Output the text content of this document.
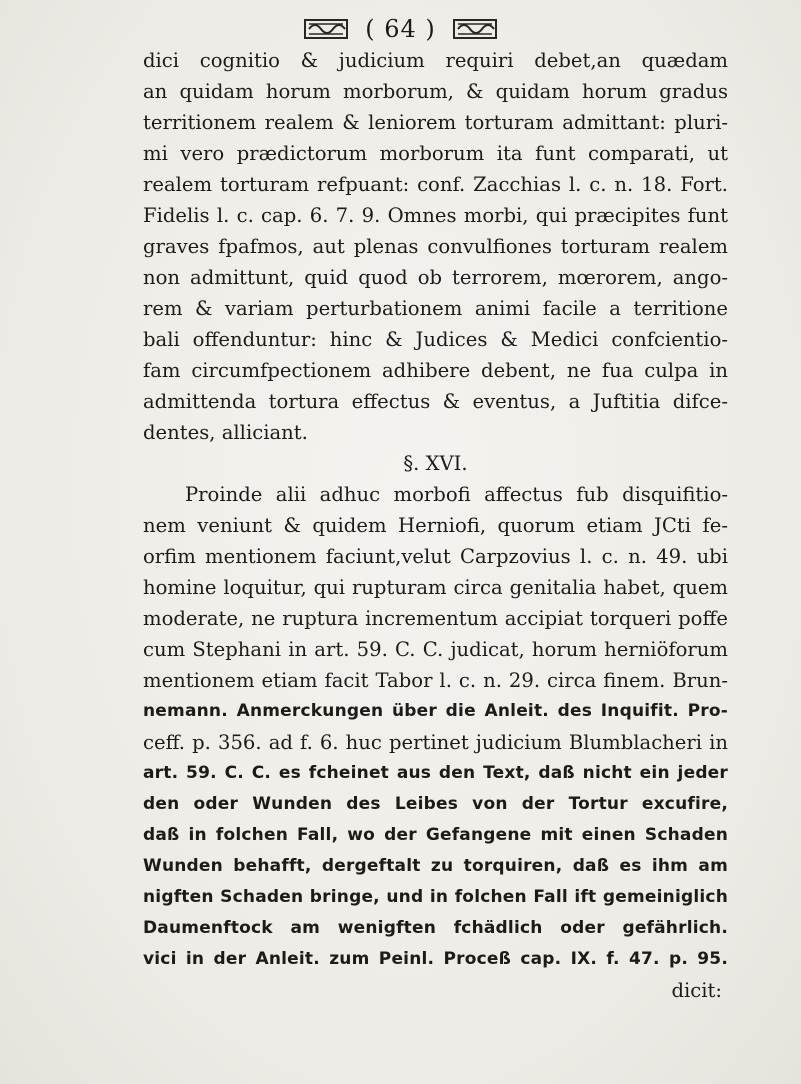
( 64 )
dici cognitio & judicium requiri debet,an quædam
an quidam horum morborum, & quidam horum gradus
territionem realem & leniorem torturam admittant: pluri-
mi vero prædictorum morborum ita funt comparati, ut
realem torturam refpuant: conf. Zacchias l. c. n. 18. Fort.
Fidelis l. c. cap. 6. 7. 9. Omnes morbi, qui præcipites funt
graves fpafmos, aut plenas convulfiones torturam realem
non admittunt, quid quod ob terrorem, mœrorem, ango-
rem & variam perturbationem animi facile a territione
bali offenduntur: hinc & Judices & Medici confcientio-
fam circumfpectionem adhibere debent, ne fua culpa in
admittenda tortura effectus & eventus, a Juftitia difce-
dentes, alliciant.
§. XVI.
Proinde alii adhuc morbofi affectus fub disquifitio-
nem veniunt & quidem Herniofi, quorum etiam JCti fe-
orfim mentionem faciunt,velut Carpzovius l. c. n. 49. ubi
homine loquitur, qui rupturam circa genitalia habet, quem
moderate, ne ruptura incrementum accipiat torqueri poffe
cum Stephani in art. 59. C. C. judicat, horum herniöforum
mentionem etiam facit Tabor l. c. n. 29. circa finem. Brun-
nemann. Anmerckungen über die Anleit. des Inquifit. Pro-
ceff. p. 356. ad f. 6. huc pertinet judicium Blumblacheri in
art. 59. C. C. es fcheinet aus den Text, daß nicht ein jeder
den oder Wunden des Leibes von der Tortur excufire,
daß in folchen Fall, wo der Gefangene mit einen Schaden
Wunden behafft, dergeftalt zu torquiren, daß es ihm am
nigften Schaden bringe, und in folchen Fall ift gemeiniglich
Daumenftock am wenigften fchädlich oder gefährlich.
vici in der Anleit. zum Peinl. Proceß cap. IX. f. 47. p. 95.
dicit:
